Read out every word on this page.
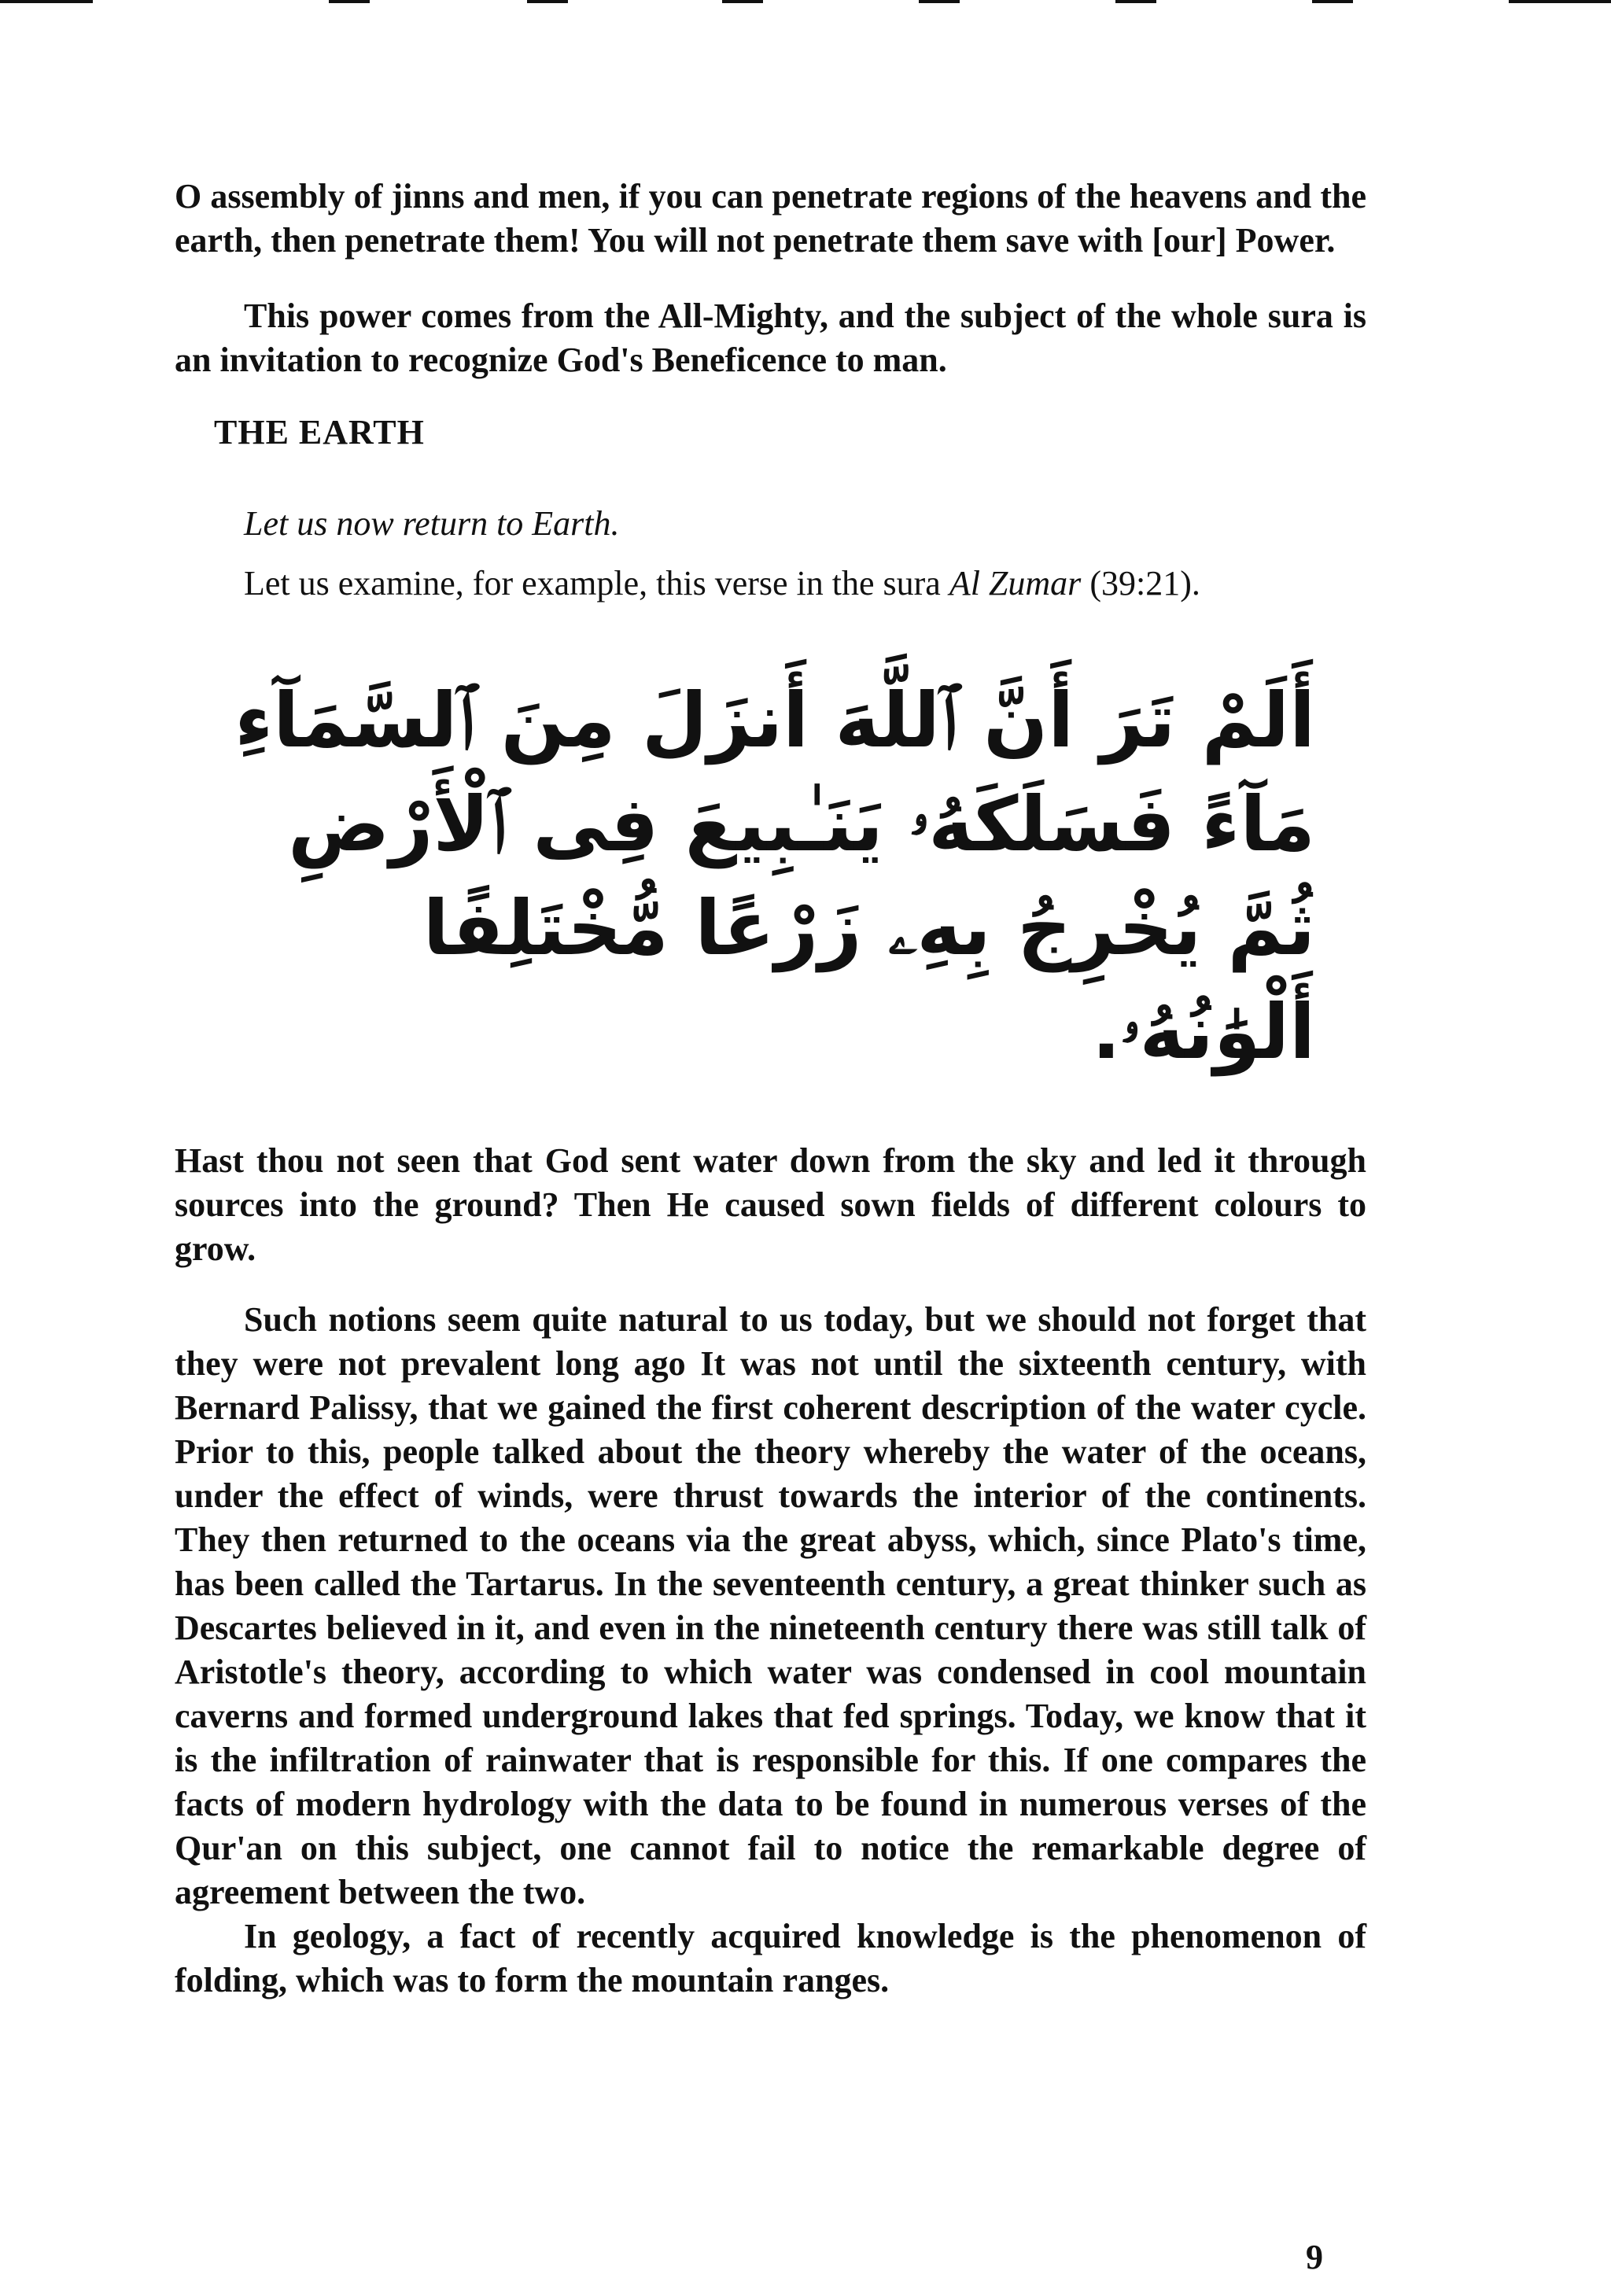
O assembly of jinns and men, if you can penetrate regions of the heavens and the earth, then penetrate them! You will not penetrate them save with [our] Power.

This power comes from the All-Mighty, and the subject of the whole sura is an invitation to recognize God's Beneficence to man.

THE EARTH

Let us now return to Earth.

Let us examine, for example, this verse in the sura Al Zumar (39:21).

أَلَمْ تَرَ أَنَّ ٱللَّهَ أَنزَلَ مِنَ ٱلسَّمَآءِ مَآءً فَسَلَكَهُۥ يَنَـٰبِيعَ فِى ٱلْأَرْضِ ثُمَّ يُخْرِجُ بِهِۦ زَرْعًا مُّخْتَلِفًا أَلْوَٰنُهُۥ.

Hast thou not seen that God sent water down from the sky and led it through sources into the ground? Then He caused sown fields of different colours to grow.

Such notions seem quite natural to us today, but we should not forget that they were not prevalent long ago It was not until the sixteenth century, with Bernard Palissy, that we gained the first coherent description of the water cycle. Prior to this, people talked about the theory whereby the water of the oceans, under the effect of winds, were thrust towards the interior of the continents. They then returned to the oceans via the great abyss, which, since Plato's time, has been called the Tartarus. In the seventeenth century, a great thinker such as Descartes believed in it, and even in the nineteenth century there was still talk of Aristotle's theory, according to which water was condensed in cool mountain caverns and formed underground lakes that fed springs. Today, we know that it is the infiltration of rainwater that is responsible for this. If one compares the facts of modern hydrology with the data to be found in numerous verses of the Qur'an on this subject, one cannot fail to notice the remarkable degree of agreement between the two.

In geology, a fact of recently acquired knowledge is the phenomenon of folding, which was to form the mountain ranges.

9
